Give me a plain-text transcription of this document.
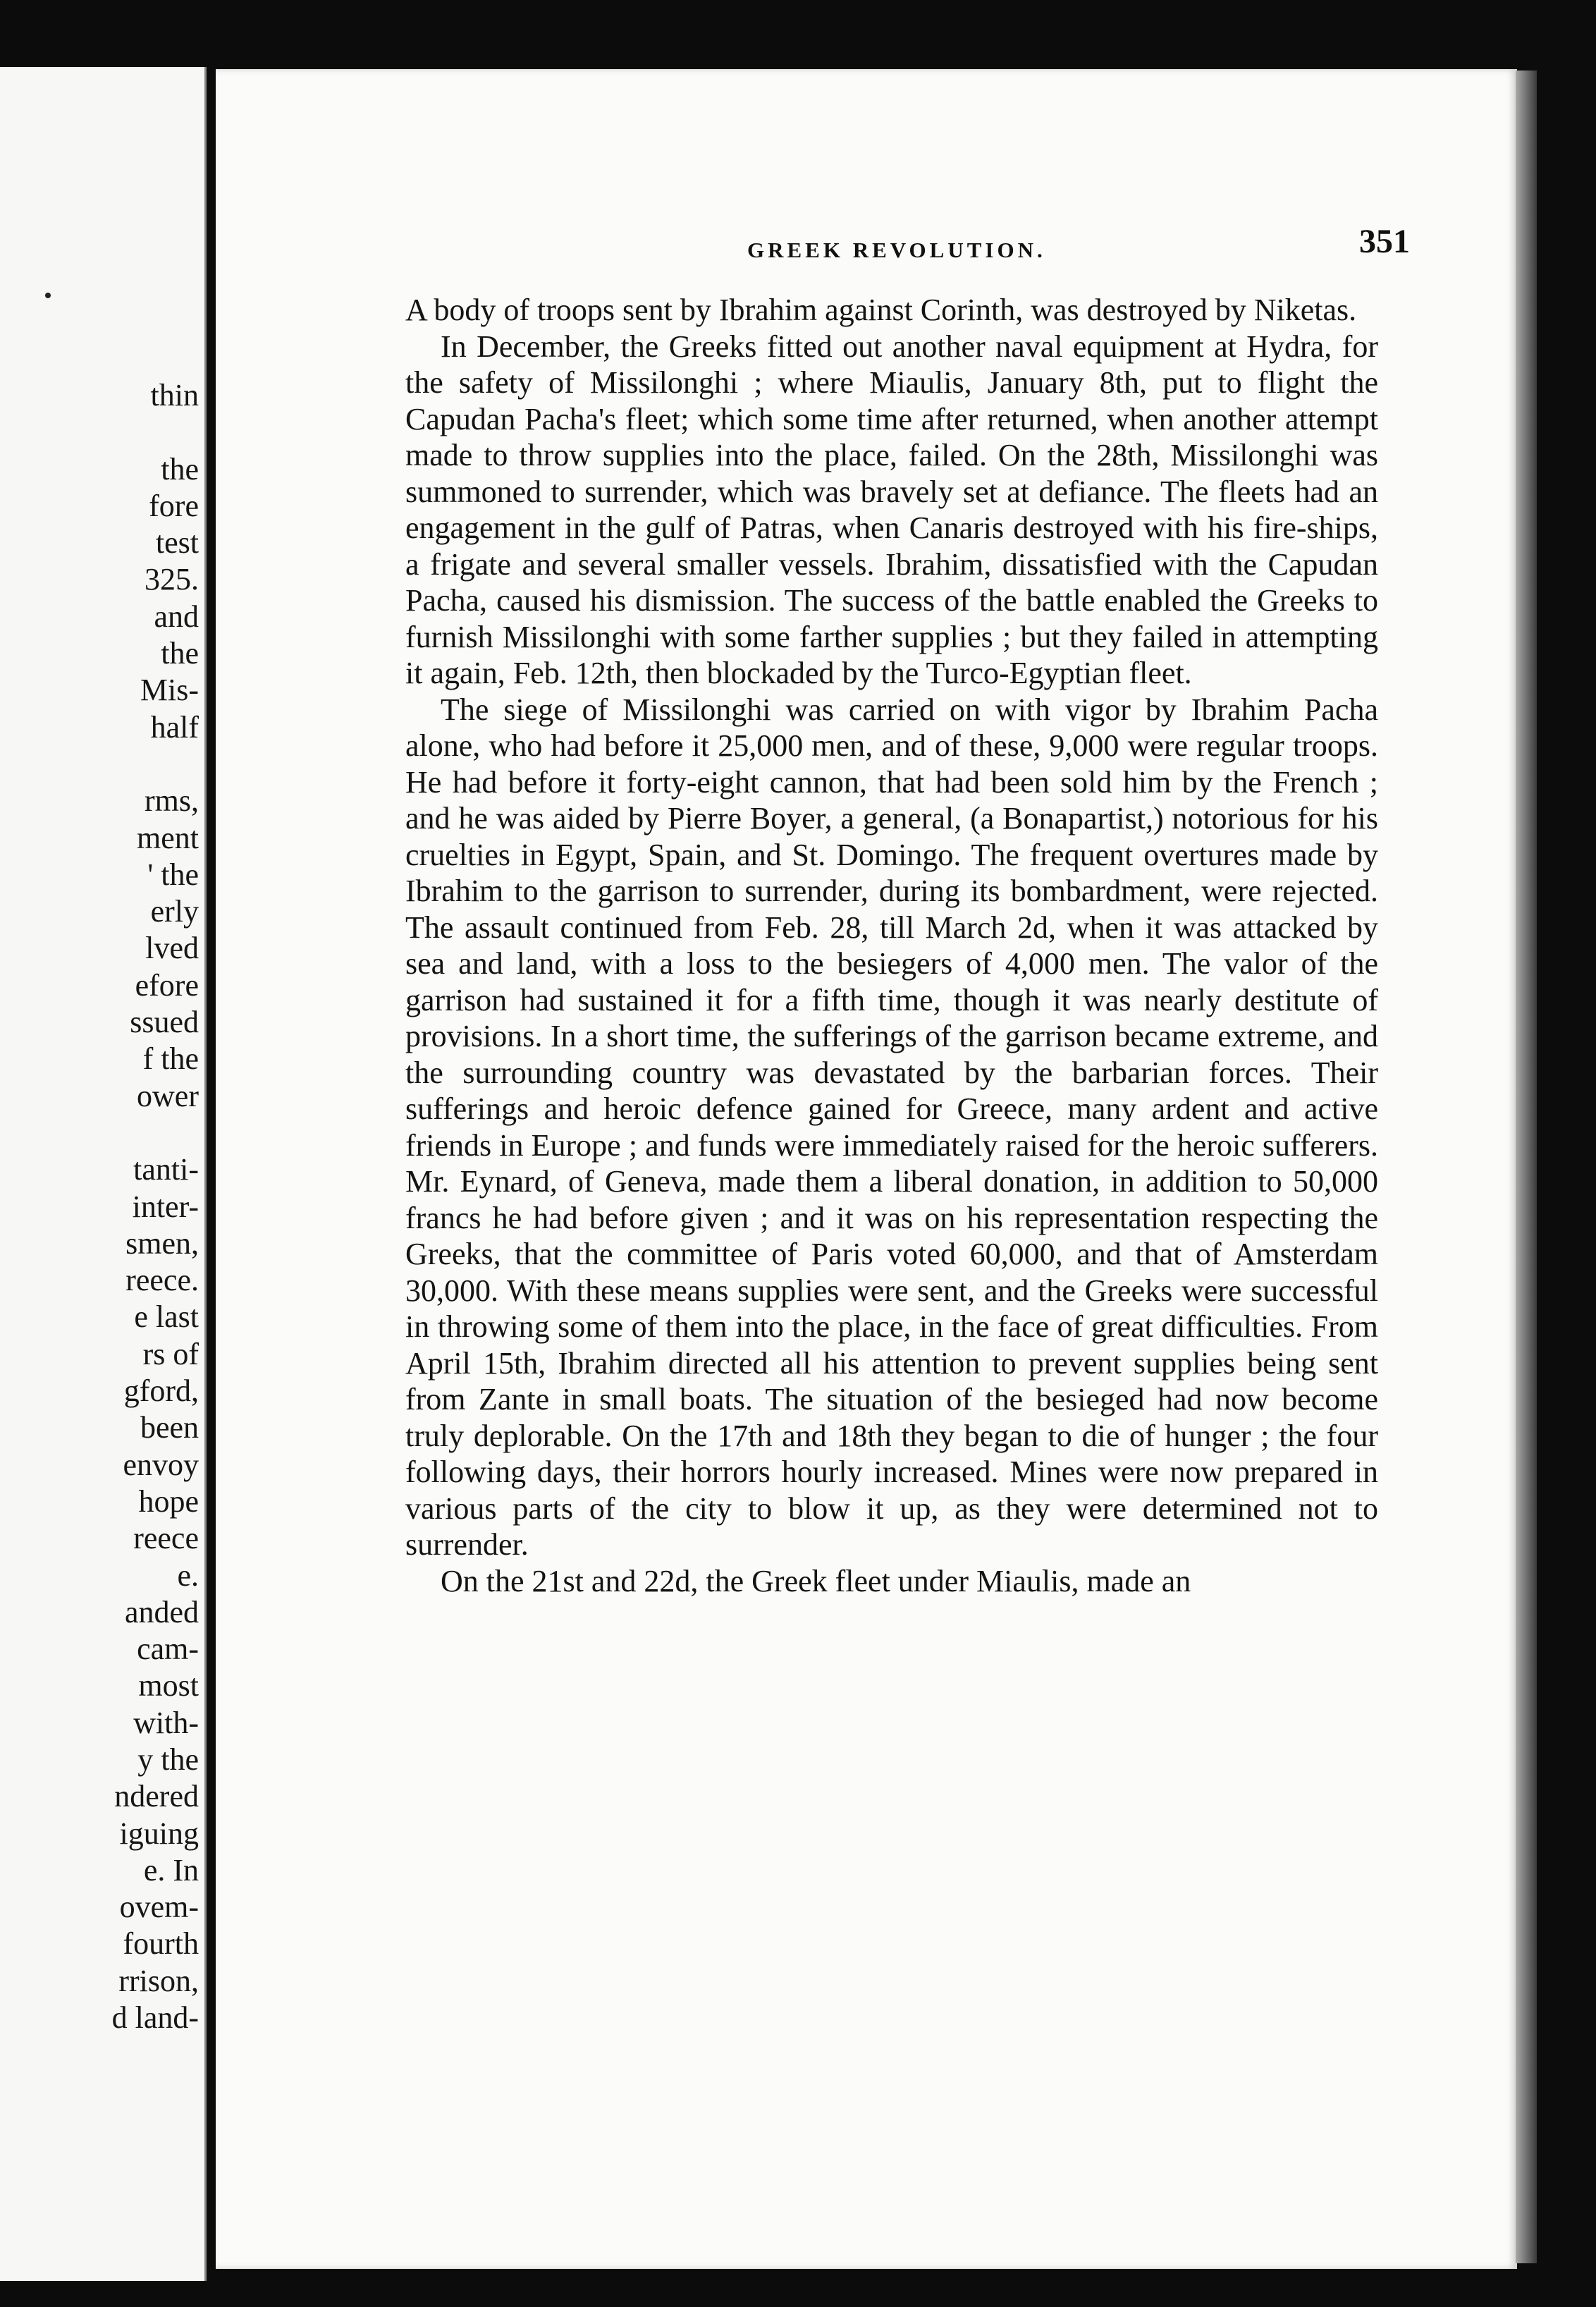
thin
the
fore
test
325.
and
the
Mis-
half
rms,
ment
' the
erly
lved
efore
ssued
f the
ower
tanti-
inter-
smen,
reece.
e last
rs of
gford,
been
envoy
hope
reece
e.
anded
cam-
most
with-
y the
ndered
iguing
e. In
ovem-
fourth
rrison,
d land-
GREEK REVOLUTION.	351

A body of troops sent by Ibrahim against Corinth, was destroyed by Niketas.

In December, the Greeks fitted out another naval equipment at Hydra, for the safety of Missilonghi ; where Miaulis, January 8th, put to flight the Capudan Pacha's fleet; which some time after returned, when another attempt made to throw supplies into the place, failed. On the 28th, Missilonghi was summoned to surrender, which was bravely set at defiance. The fleets had an engagement in the gulf of Patras, when Canaris destroyed with his fire-ships, a frigate and several smaller vessels. Ibrahim, dissatisfied with the Capudan Pacha, caused his dismission. The success of the battle enabled the Greeks to furnish Missilonghi with some farther supplies ; but they failed in attempting it again, Feb. 12th, then blockaded by the Turco-Egyptian fleet.

The siege of Missilonghi was carried on with vigor by Ibrahim Pacha alone, who had before it 25,000 men, and of these, 9,000 were regular troops. He had before it forty-eight cannon, that had been sold him by the French ; and he was aided by Pierre Boyer, a general, (a Bonapartist,) notorious for his cruelties in Egypt, Spain, and St. Domingo. The frequent overtures made by Ibrahim to the garrison to surrender, during its bombardment, were rejected. The assault continued from Feb. 28, till March 2d, when it was attacked by sea and land, with a loss to the besiegers of 4,000 men. The valor of the garrison had sustained it for a fifth time, though it was nearly destitute of provisions. In a short time, the sufferings of the garrison became extreme, and the surrounding country was devastated by the barbarian forces. Their sufferings and heroic defence gained for Greece, many ardent and active friends in Europe ; and funds were immediately raised for the heroic sufferers. Mr. Eynard, of Geneva, made them a liberal donation, in addition to 50,000 francs he had before given ; and it was on his representation respecting the Greeks, that the committee of Paris voted 60,000, and that of Amsterdam 30,000. With these means supplies were sent, and the Greeks were successful in throwing some of them into the place, in the face of great difficulties. From April 15th, Ibrahim directed all his attention to prevent supplies being sent from Zante in small boats. The situation of the besieged had now become truly deplorable. On the 17th and 18th they began to die of hunger ; the four following days, their horrors hourly increased. Mines were now prepared in various parts of the city to blow it up, as they were determined not to surrender.

On the 21st and 22d, the Greek fleet under Miaulis, made an
